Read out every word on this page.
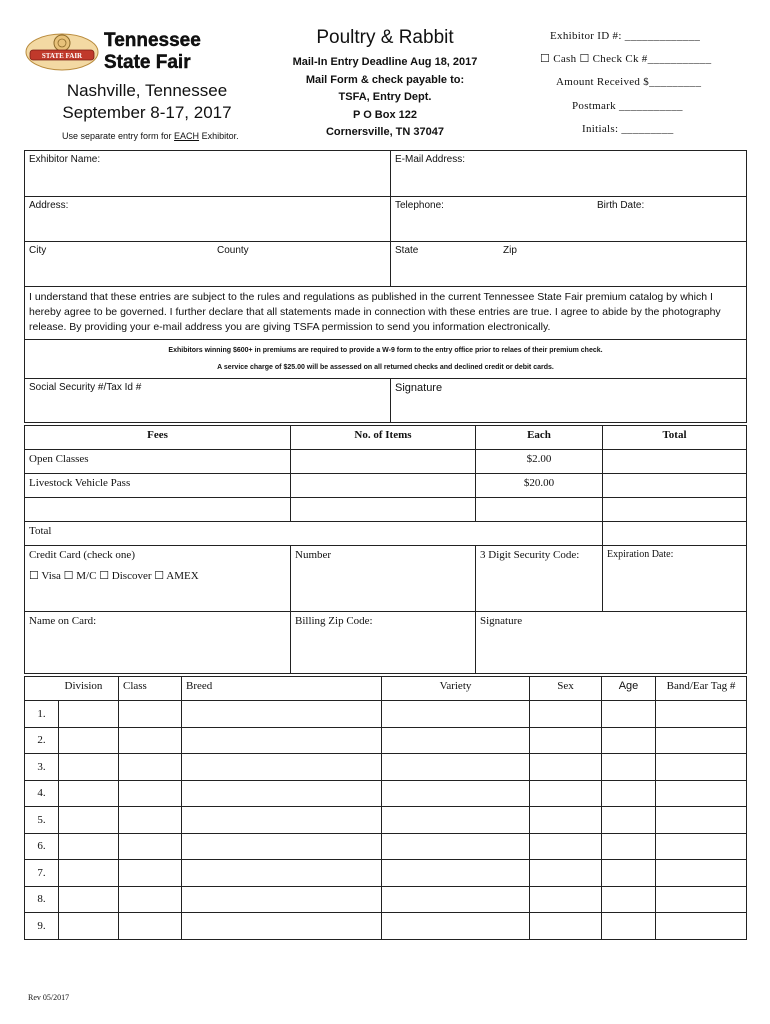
STATE FAIR
Tennessee
State Fair
Nashville, Tennessee
September 8-17, 2017
Use separate entry form for EACH Exhibitor.
Poultry & Rabbit
Mail-In Entry Deadline Aug 18, 2017
Mail Form & check payable to:
TSFA, Entry Dept.
P O Box 122
Cornersville, TN 37047
Exhibitor ID #: _____________
☐ Cash ☐ Check Ck #___________
Amount Received $_________
Postmark ___________
Initials: _________
Exhibitor Name:	E-Mail Address:
Address:	Telephone: Birth Date:

City County	State Zip

I understand that these entries are subject to the rules and regulations as published in the current Tennessee State Fair premium catalog by which I hereby agree to be governed. I further declare that all statements made in connection with these entries are true. I agree to abide by the photography release. By providing your e-mail address you are giving TSFA permission to send you information electronically.	

Exhibitors winning $600+ in premiums are required to provide a W-9 form to the entry office prior to relaes of their premium check.
A service charge of $25.00 will be assessed on all returned checks and declined credit or debit cards.	

Social Security #/Tax Id #	Signature
Fees	No. of Items	Each	Total
Open Classes		$2.00	
Livestock Vehicle Pass		$20.00	

Total			

Credit Card (check one)
☐ Visa ☐ M/C ☐ Discover ☐ AMEX	Number	3 Digit Security Code:	Expiration Date:
Name on Card:	Billing Zip Code:	Signature	
	Division	Class	Breed	Variety	Sex	Age	Band/Ear Tag #
1.							
2.							
3.							
4.							
5.							
6.							
7.							
8.							
9.							
Rev 05/2017
